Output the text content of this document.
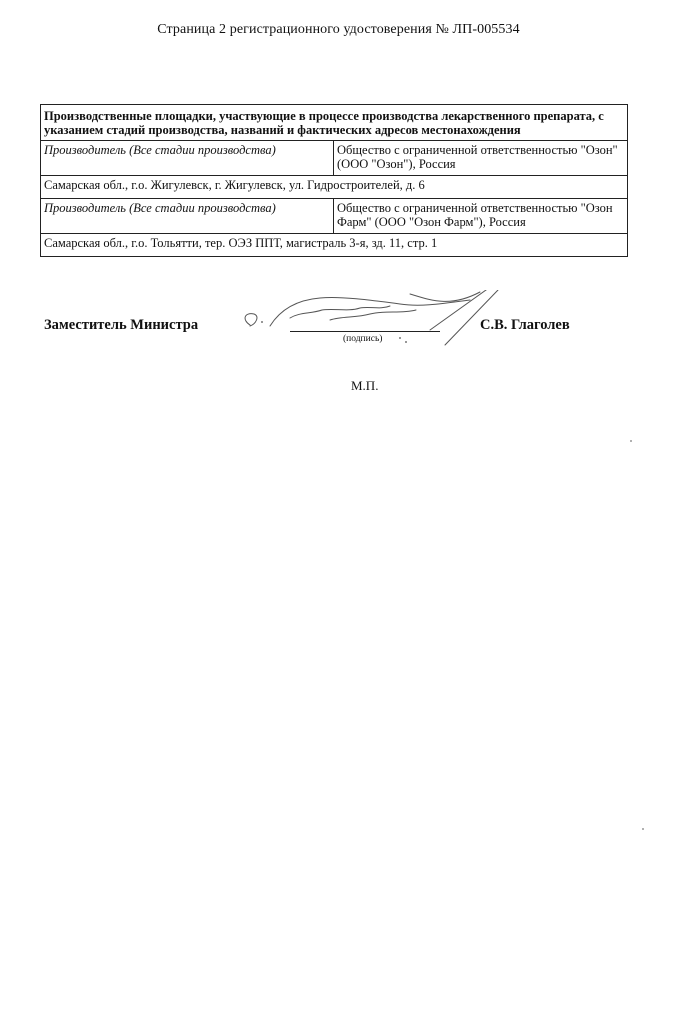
Страница 2 регистрационного удостоверения № ЛП-005534
Производственные площадки, участвующие в процессе производства лекарственного препарата, с указанием стадий производства, названий и фактических адресов местонахождения	
Производитель (Все стадии производства)	Общество с ограниченной ответственностью "Озон" (ООО "Озон"), Россия
Самарская обл., г.о. Жигулевск, г. Жигулевск, ул. Гидростроителей, д. 6	
Производитель (Все стадии производства)	Общество с ограниченной ответственностью "Озон Фарм" (ООО "Озон Фарм"), Россия
Самарская обл., г.о. Тольятти, тер. ОЭЗ ППТ, магистраль 3-я, зд. 11, стр. 1	
Заместитель Министра
(подпись)
С.В. Глаголев
М.П.
